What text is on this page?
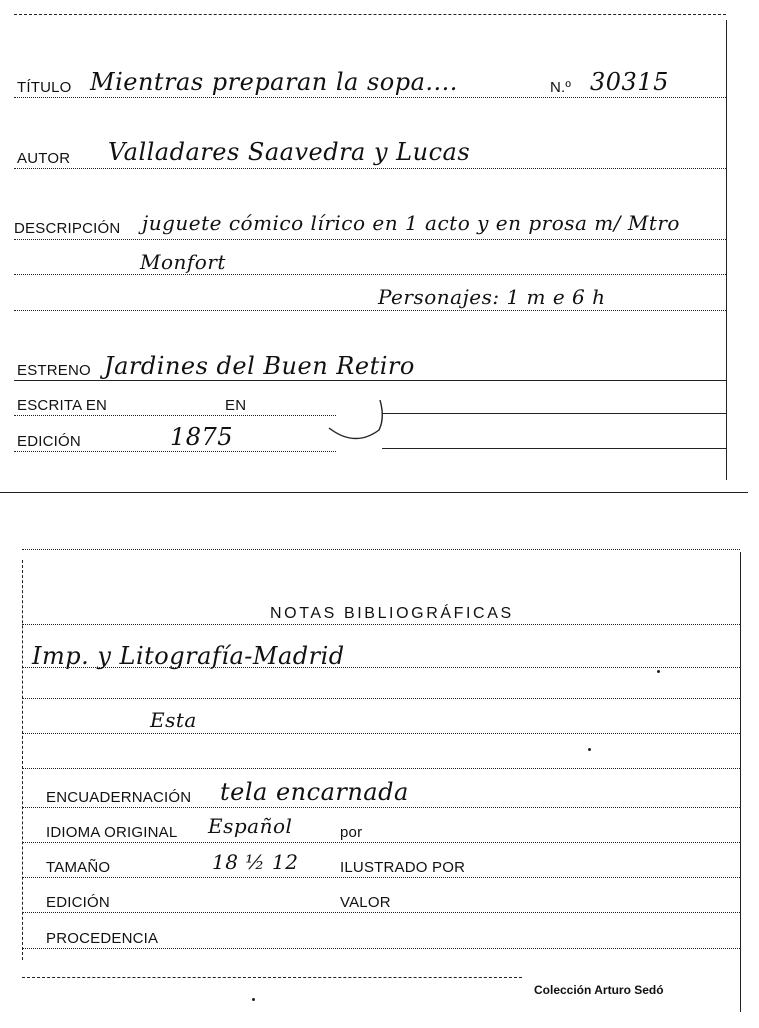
TÍTULO Mientras preparan la sopa....	N.º 30315
AUTOR Valladares Saavedra y Lucas
DESCRIPCIÓN juguete cómico lírico en 1 acto y en prosa m/ Mtro
Monfort
Personajes: 1 m e 6 h
ESTRENO Jardines del Buen Retiro
ESCRITA EN	EN
EDICIÓN	1875
NOTAS BIBLIOGRÁFICAS
Imp. y Litografía-Madrid
Esta
ENCUADERNACIÓN tela encarnada
IDIOMA ORIGINAL Español	por
TAMAÑO	18 ½ 12	ILUSTRADO POR
EDICIÓN	VALOR
PROCEDENCIA
Colección Arturo Sedó
